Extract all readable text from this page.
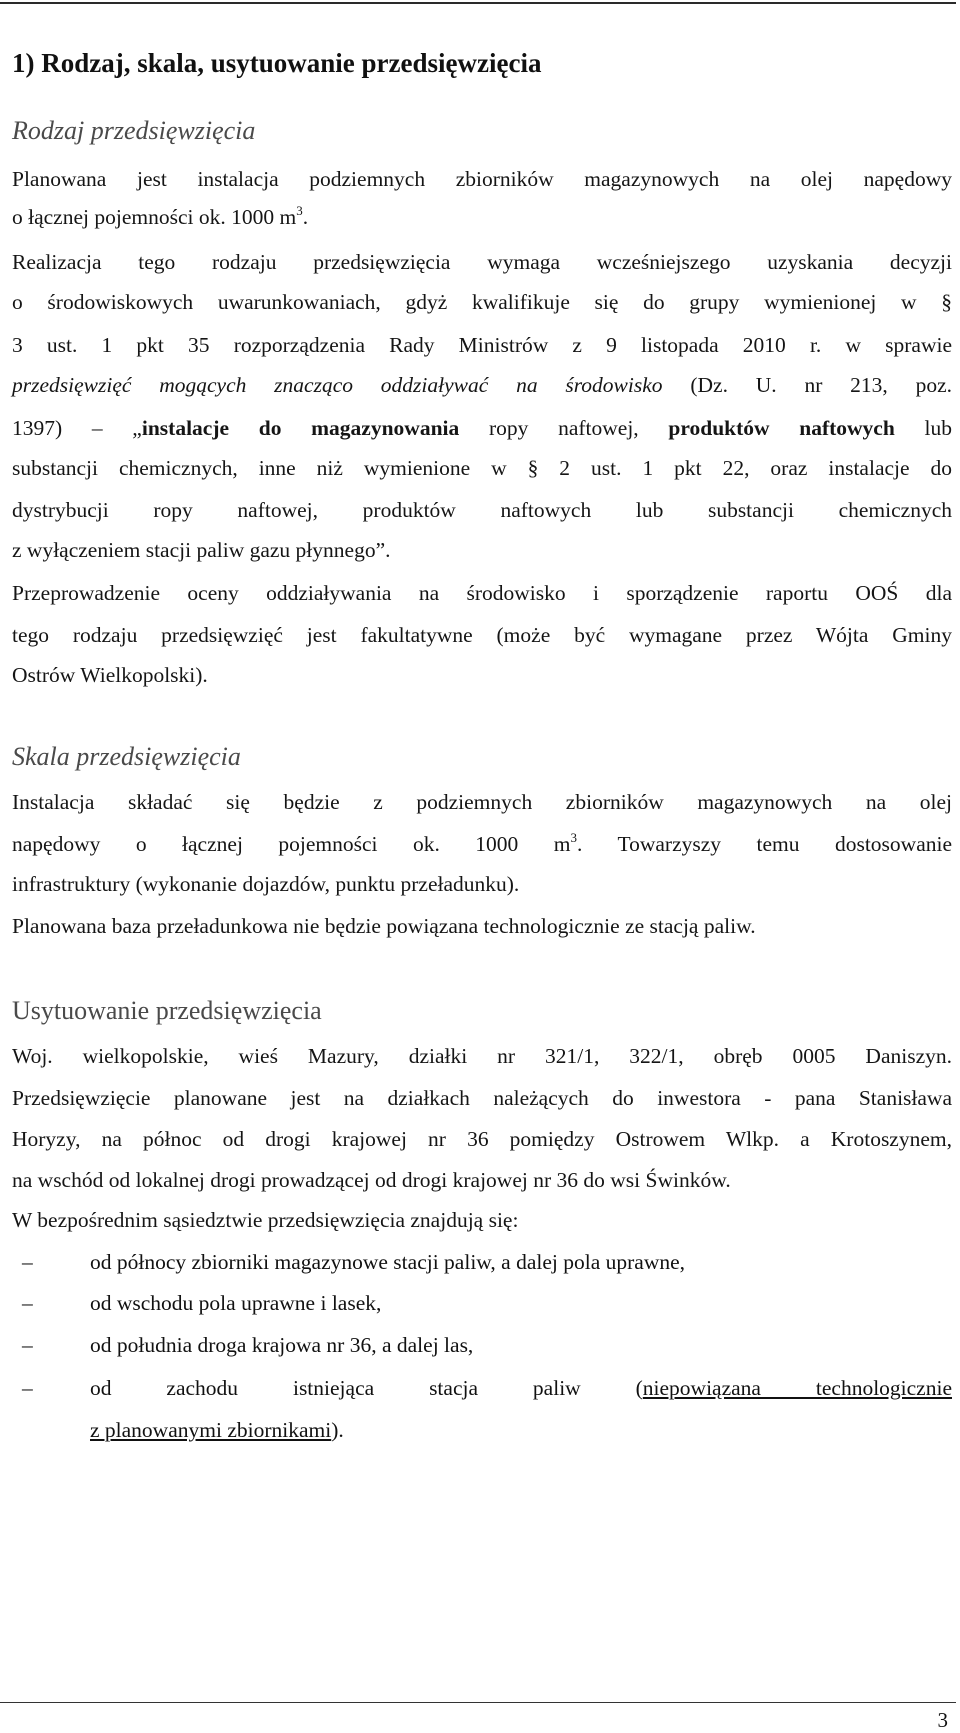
1) Rodzaj, skala, usytuowanie przedsięwzięcia
Rodzaj przedsięwzięcia
Planowana jest instalacja podziemnych zbiorników magazynowych na olej napędowy
o łącznej pojemności ok. 1000 $m^3$.
Realizacja tego rodzaju przedsięwzięcia wymaga wcześniejszego uzyskania decyzji
o środowiskowych uwarunkowaniach, gdyż kwalifikuje się do grupy wymienionej w §
3 ust. 1 pkt 35 rozporządzenia Rady Ministrów z 9 listopada 2010 r. w sprawie
przedsięwzięć mogących znacząco oddziaływać na środowisko (Dz. U. nr 213, poz.
1397) – „instalacje do magazynowania ropy naftowej, produktów naftowych lub
substancji chemicznych, inne niż wymienione w § 2 ust. 1 pkt 22, oraz instalacje do
dystrybucji ropy naftowej, produktów naftowych lub substancji chemicznych
z wyłączeniem stacji paliw gazu płynnego”.
Przeprowadzenie oceny oddziaływania na środowisko i sporządzenie raportu OOŚ dla
tego rodzaju przedsięwzięć jest fakultatywne (może być wymagane przez Wójta Gminy
Ostrów Wielkopolski).
Skala przedsięwzięcia
Instalacja składać się będzie z podziemnych zbiorników magazynowych na olej
napędowy o łącznej pojemności ok. 1000 $m^3$. Towarzyszy temu dostosowanie
infrastruktury (wykonanie dojazdów, punktu przeładunku).
Planowana baza przeładunkowa nie będzie powiązana technologicznie ze stacją paliw.
Usytuowanie przedsięwzięcia
Woj. wielkopolskie, wieś Mazury, działki nr 321/1, 322/1, obręb 0005 Daniszyn.
Przedsięwzięcie planowane jest na działkach należących do inwestora - pana Stanisława
Horyzy, na północ od drogi krajowej nr 36 pomiędzy Ostrowem Wlkp. a Krotoszynem,
na wschód od lokalnej drogi prowadzącej od drogi krajowej nr 36 do wsi Świnków.
W bezpośrednim sąsiedztwie przedsięwzięcia znajdują się:
–	od północy zbiorniki magazynowe stacji paliw, a dalej pola uprawne,
–	od wschodu pola uprawne i lasek,
–	od południa droga krajowa nr 36, a dalej las,
–	od zachodu istniejąca stacja paliw (niepowiązana technologicznie
z planowanymi zbiornikami).
3
